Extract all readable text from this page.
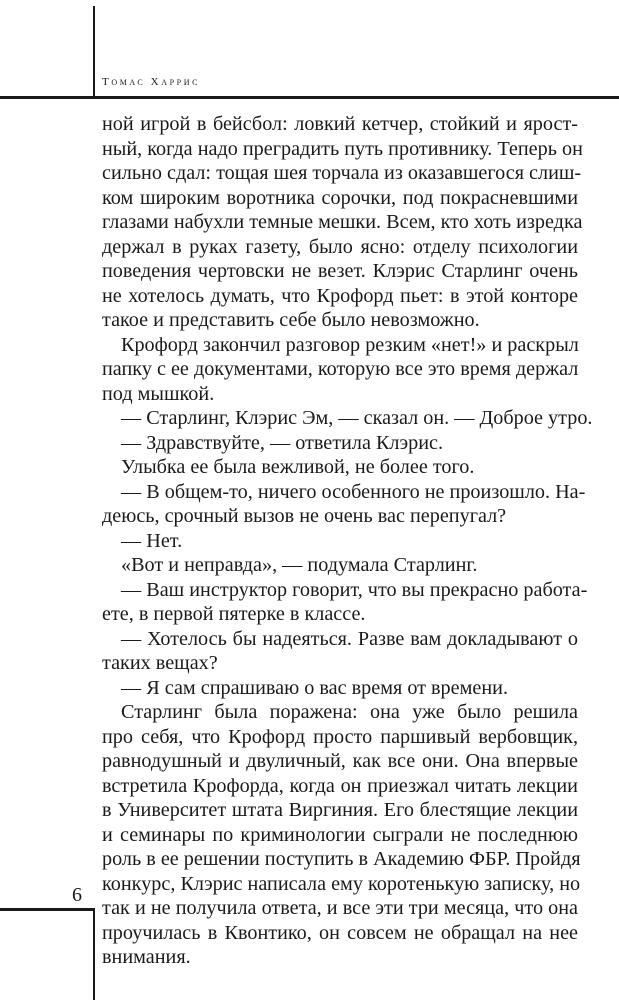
Томас Харрис
ной игрой в бейсбол: ловкий кетчер, стойкий и ярост-
ный, когда надо преградить путь противнику. Теперь он
сильно сдал: тощая шея торчала из оказавшегося слиш-
ком широким воротника сорочки, под покрасневшими
глазами набухли темные мешки. Всем, кто хоть изредка
держал в руках газету, было ясно: отделу психологии
поведения чертовски не везет. Клэрис Старлинг очень
не хотелось думать, что Крофорд пьет: в этой конторе
такое и представить себе было невозможно.
Крофорд закончил разговор резким «нет!» и раскрыл
папку с ее документами, которую все это время держал
под мышкой.
— Старлинг, Клэрис Эм, — сказал он. — Доброе утро.
— Здравствуйте, — ответила Клэрис.
Улыбка ее была вежливой, не более того.
— В общем-то, ничего особенного не произошло. На-
деюсь, срочный вызов не очень вас перепугал?
— Нет.
«Вот и неправда», — подумала Старлинг.
— Ваш инструктор говорит, что вы прекрасно работа-
ете, в первой пятерке в классе.
— Хотелось бы надеяться. Разве вам докладывают о
таких вещах?
— Я сам спрашиваю о вас время от времени.
Старлинг была поражена: она уже было решила
про себя, что Крофорд просто паршивый вербовщик,
равнодушный и двуличный, как все они. Она впервые
встретила Крофорда, когда он приезжал читать лекции
в Университет штата Виргиния. Его блестящие лекции
и семинары по криминологии сыграли не последнюю
роль в ее решении поступить в Академию ФБР. Пройдя
конкурс, Клэрис написала ему коротенькую записку, но
так и не получила ответа, и все эти три месяца, что она
проучилась в Квонтико, он совсем не обращал на нее
внимания.
6
